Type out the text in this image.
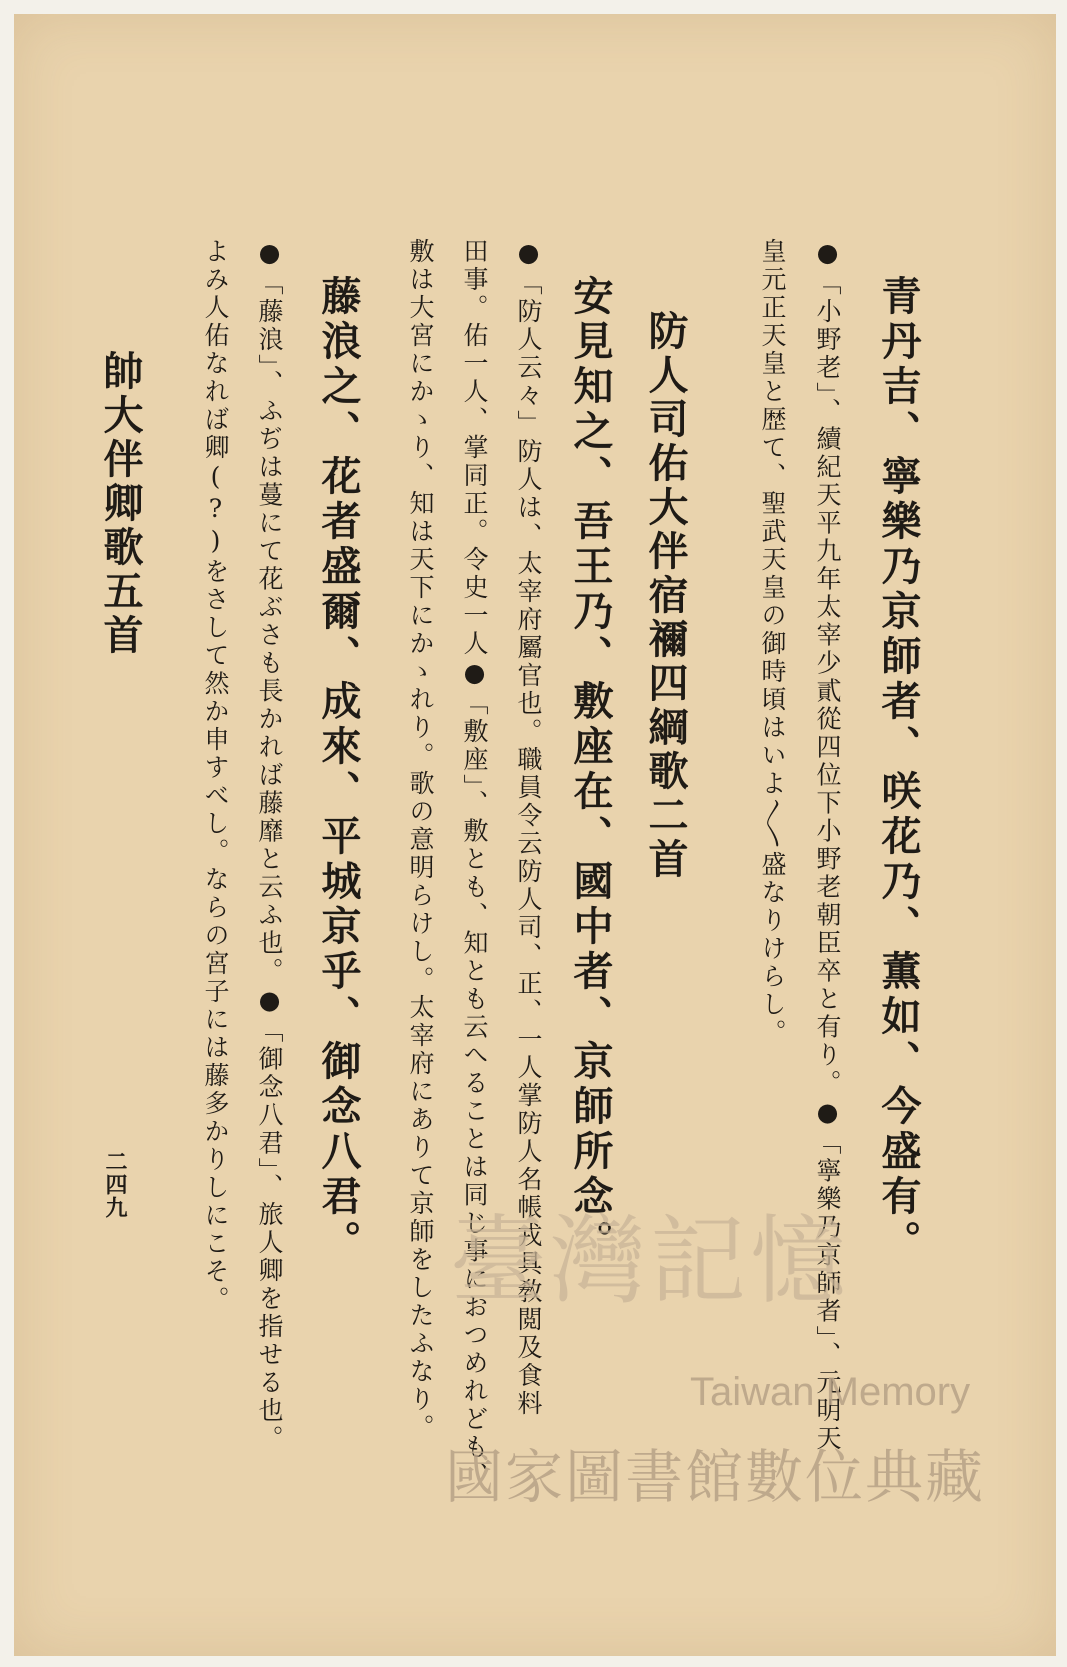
青丹吉、寧樂乃京師者、咲花乃、薫如、今盛有。
●「小野老」、續紀天平九年太宰少貳從四位下小野老朝臣卒と有り。●「寧樂乃京師者」、元明天
皇元正天皇と歴て、聖武天皇の御時頃はいよ〳〵盛なりけらし。
防人司佑大伴宿禰四綱歌二首
安見知之、吾王乃、敷座在、國中者、京師所念。
●「防人云々」防人は、太宰府屬官也。職員令云防人司、正、一人掌防人名帳戎具敎閲及食料
田事。佑一人、掌同正。令史一人●「敷座」、敷とも、知とも云へることは同じ事におつめれども、
敷は大宮にかゝり、知は天下にかゝれり。歌の意明らけし。太宰府にありて京師をしたふなり。
藤浪之、花者盛爾、成來、平城京乎、御念八君。
●「藤浪」、ふぢは蔓にて花ぶさも長かれば藤靡と云ふ也。●「御念八君」、旅人卿を指せる也。
よみ人佑なれば卿(?)をさして然か申すべし。ならの宮子には藤多かりしにこそ。
帥大伴卿歌五首
二四九
臺灣記憶
Taiwan Memory
國家圖書館數位典藏
